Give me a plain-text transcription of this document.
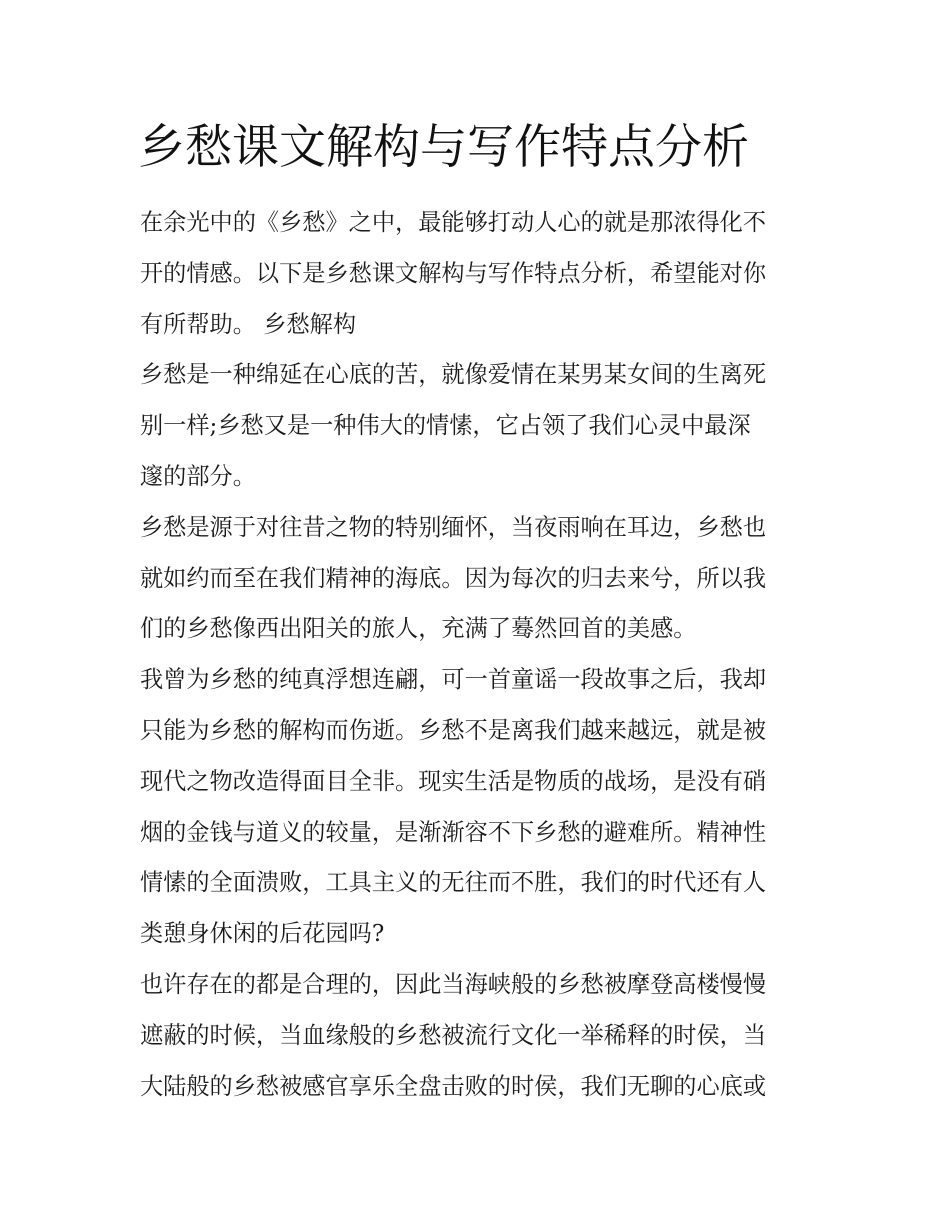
乡愁课文解构与写作特点分析

在余光中的《乡愁》之中，最能够打动人心的就是那浓得化不
开的情感。以下是乡愁课文解构与写作特点分析，希望能对你
有所帮助。 乡愁解构

乡愁是一种绵延在心底的苦，就像爱情在某男某女间的生离死
别一样;乡愁又是一种伟大的情愫，它占领了我们心灵中最深
邃的部分。

乡愁是源于对往昔之物的特别缅怀，当夜雨响在耳边，乡愁也
就如约而至在我们精神的海底。因为每次的归去来兮，所以我
们的乡愁像西出阳关的旅人，充满了蓦然回首的美感。

我曾为乡愁的纯真浮想连翩，可一首童谣一段故事之后，我却
只能为乡愁的解构而伤逝。乡愁不是离我们越来越远，就是被
现代之物改造得面目全非。现实生活是物质的战场，是没有硝
烟的金钱与道义的较量，是渐渐容不下乡愁的避难所。精神性
情愫的全面溃败，工具主义的无往而不胜，我们的时代还有人
类憩身休闲的后花园吗?

也许存在的都是合理的，因此当海峡般的乡愁被摩登高楼慢慢
遮蔽的时候，当血缘般的乡愁被流行文化一举稀释的时侯，当
大陆般的乡愁被感官享乐全盘击败的时侯，我们无聊的心底或
